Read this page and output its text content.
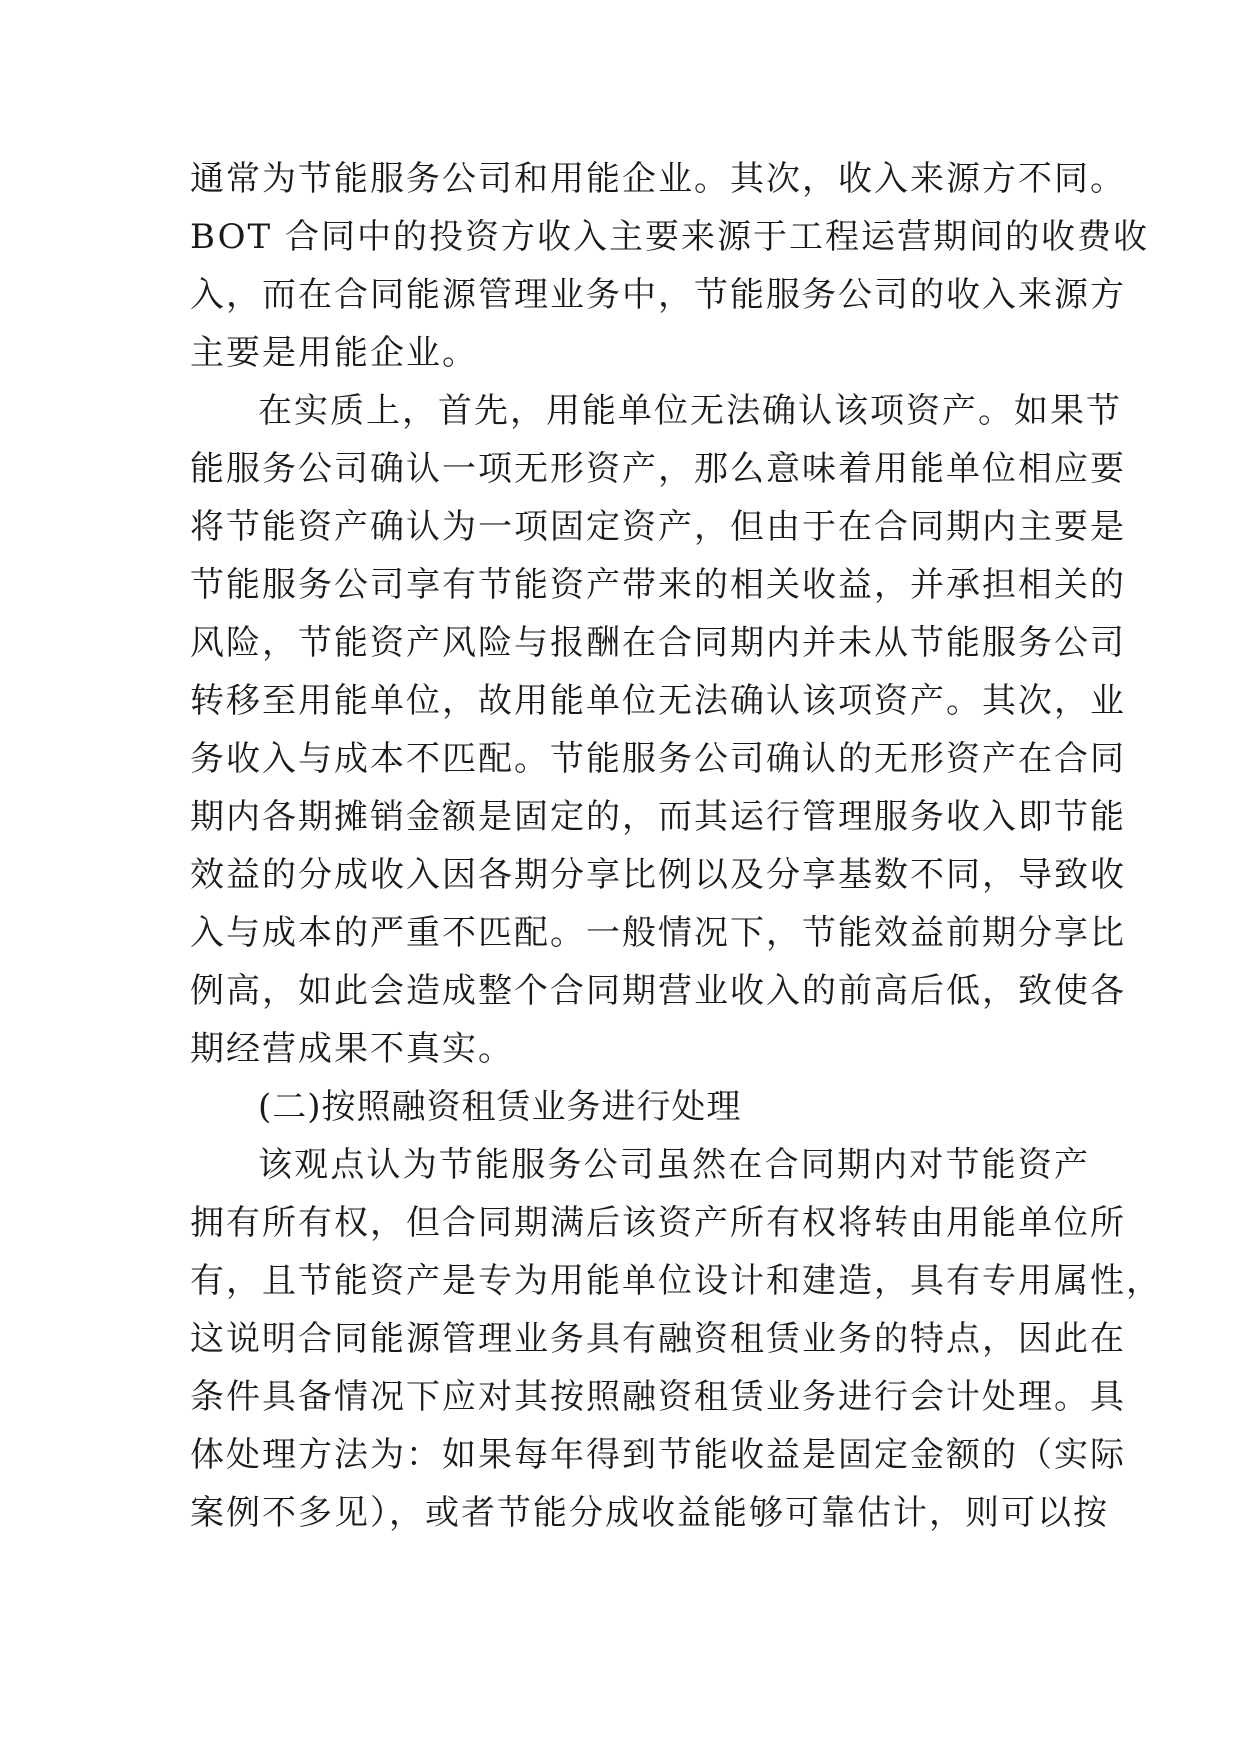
通常为节能服务公司和用能企业。其次，收入来源方不同。
BOT 合同中的投资方收入主要来源于工程运营期间的收费收
入，而在合同能源管理业务中，节能服务公司的收入来源方
主要是用能企业。
在实质上，首先，用能单位无法确认该项资产。如果节
能服务公司确认一项无形资产，那么意味着用能单位相应要
将节能资产确认为一项固定资产，但由于在合同期内主要是
节能服务公司享有节能资产带来的相关收益，并承担相关的
风险，节能资产风险与报酬在合同期内并未从节能服务公司
转移至用能单位，故用能单位无法确认该项资产。其次，业
务收入与成本不匹配。节能服务公司确认的无形资产在合同
期内各期摊销金额是固定的，而其运行管理服务收入即节能
效益的分成收入因各期分享比例以及分享基数不同，导致收
入与成本的严重不匹配。一般情况下，节能效益前期分享比
例高，如此会造成整个合同期营业收入的前高后低，致使各
期经营成果不真实。
(二)按照融资租赁业务进行处理
该观点认为节能服务公司虽然在合同期内对节能资产
拥有所有权，但合同期满后该资产所有权将转由用能单位所
有，且节能资产是专为用能单位设计和建造，具有专用属性，
这说明合同能源管理业务具有融资租赁业务的特点，因此在
条件具备情况下应对其按照融资租赁业务进行会计处理。具
体处理方法为：如果每年得到节能收益是固定金额的（实际
案例不多见），或者节能分成收益能够可靠估计，则可以按
